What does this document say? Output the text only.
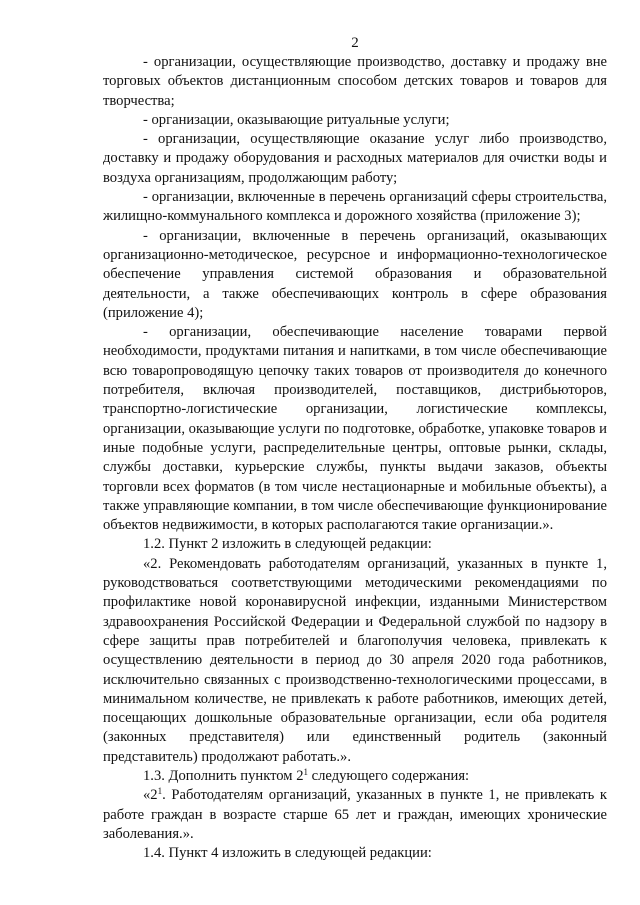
2

- организации, осуществляющие производство, доставку и продажу вне торговых объектов дистанционным способом детских товаров и товаров для творчества;

- организации, оказывающие ритуальные услуги;

- организации, осуществляющие оказание услуг либо производство, доставку и продажу оборудования и расходных материалов для очистки воды и воздуха организациям, продолжающим работу;

- организации, включенные в перечень организаций сферы строительства, жилищно-коммунального комплекса и дорожного хозяйства (приложение 3);

- организации, включенные в перечень организаций, оказывающих организационно-методическое, ресурсное и информационно-технологическое обеспечение управления системой образования и образовательной деятельности, а также обеспечивающих контроль в сфере образования (приложение 4);

- организации, обеспечивающие население товарами первой необходимости, продуктами питания и напитками, в том числе обеспечивающие всю товаропроводящую цепочку таких товаров от производителя до конечного потребителя, включая производителей, поставщиков, дистрибьюторов, транспортно-логистические организации, логистические комплексы, организации, оказывающие услуги по подготовке, обработке, упаковке товаров и иные подобные услуги, распределительные центры, оптовые рынки, склады, службы доставки, курьерские службы, пункты выдачи заказов, объекты торговли всех форматов (в том числе нестационарные и мобильные объекты), а также управляющие компании, в том числе обеспечивающие функционирование объектов недвижимости, в которых располагаются такие организации.».

1.2. Пункт 2 изложить в следующей редакции:

«2. Рекомендовать работодателям организаций, указанных в пункте 1, руководствоваться соответствующими методическими рекомендациями по профилактике новой коронавирусной инфекции, изданными Министерством здравоохранения Российской Федерации и Федеральной службой по надзору в сфере защиты прав потребителей и благополучия человека, привлекать к осуществлению деятельности в период до 30 апреля 2020 года работников, исключительно связанных с производственно-технологическими процессами, в минимальном количестве, не привлекать к работе работников, имеющих детей, посещающих дошкольные образовательные организации, если оба родителя (законных представителя) или единственный родитель (законный представитель) продолжают работать.».

1.3. Дополнить пунктом $2^1$ следующего содержания:

«$2^1$. Работодателям организаций, указанных в пункте 1, не привлекать к работе граждан в возрасте старше 65 лет и граждан, имеющих хронические заболевания.».

1.4. Пункт 4 изложить в следующей редакции:
